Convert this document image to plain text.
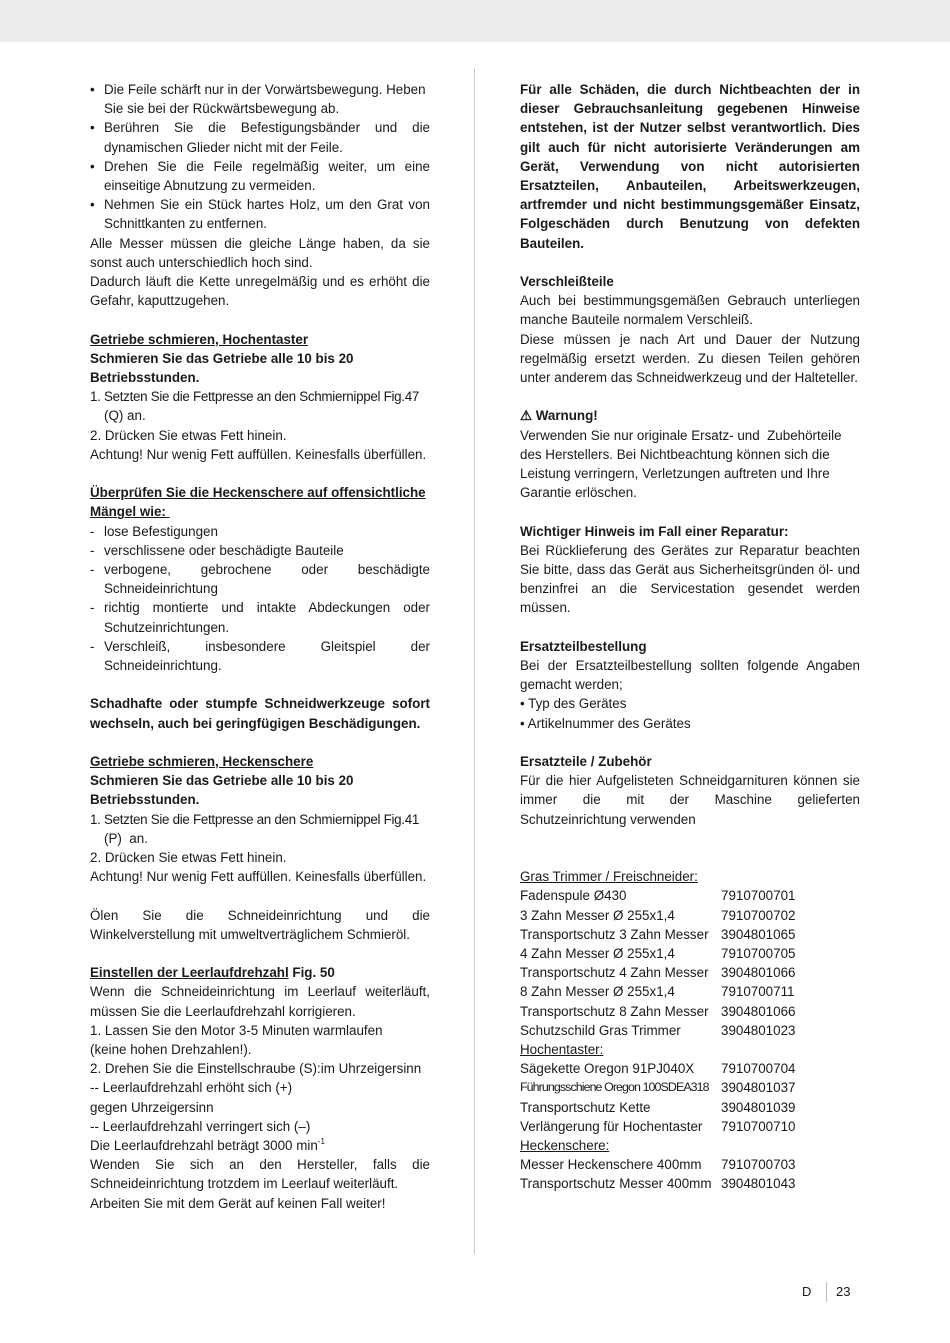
• Die Feile schärft nur in der Vorwärtsbewegung. Heben
Sie sie bei der Rückwärtsbewegung ab.
• Berühren Sie die Befestigungsbänder und die
dynamischen Glieder nicht mit der Feile.
• Drehen Sie die Feile regelmäßig weiter, um eine
einseitige Abnutzung zu vermeiden.
• Nehmen Sie ein Stück hartes Holz, um den Grat von
Schnittkanten zu entfernen.

Alle Messer müssen die gleiche Länge haben, da sie sonst auch unterschiedlich hoch sind.

Dadurch läuft die Kette unregelmäßig und es erhöht die Gefahr, kaputtzugehen.

Getriebe schmieren, Hochentaster
Schmieren Sie das Getriebe alle 10 bis 20
Betriebsstunden.
1. Setzten Sie die Fettpresse an den Schmiernippel Fig.47
(Q) an.
2. Drücken Sie etwas Fett hinein.
Achtung! Nur wenig Fett auffüllen. Keinesfalls überfüllen.
Überprüfen Sie die Heckenschere auf offensichtliche
Mängel wie:
- lose Befestigungen
- verschlissene oder beschädigte Bauteile
- verbogene, gebrochene oder beschädigte
Schneideinrichtung
- richtig montierte und intakte Abdeckungen oder
Schutzeinrichtungen.
- Verschleiß, insbesondere Gleitspiel der
Schneideinrichtung.

Schadhafte oder stumpfe Schneidwerkzeuge sofort wechseln, auch bei geringfügigen Beschädigungen.

Getriebe schmieren, Heckenschere
Schmieren Sie das Getriebe alle 10 bis 20
Betriebsstunden.
1. Setzten Sie die Fettpresse an den Schmiernippel Fig.41
(P)  an.
2. Drücken Sie etwas Fett hinein.
Achtung! Nur wenig Fett auffüllen. Keinesfalls überfüllen.

Ölen Sie die Schneideinrichtung und die Winkelverstellung mit umweltverträglichem Schmieröl.

Einstellen der Leerlaufdrehzahl Fig. 50

Wenn die Schneideinrichtung im Leerlauf weiterläuft, müssen Sie die Leerlaufdrehzahl korrigieren.

1. Lassen Sie den Motor 3-5 Minuten warmlaufen
(keine hohen Drehzahlen!).
2. Drehen Sie die Einstellschraube (S):im Uhrzeigersinn
-- Leerlaufdrehzahl erhöht sich (+)
gegen Uhrzeigersinn
-- Leerlaufdrehzahl verringert sich (–)
Die Leerlaufdrehzahl beträgt 3000 $\min^{-1}$

Wenden Sie sich an den Hersteller, falls die Schneideinrichtung trotzdem im Leerlauf weiterläuft.

Arbeiten Sie mit dem Gerät auf keinen Fall weiter!

Für alle Schäden, die durch Nichtbeachten der in dieser Gebrauchsanleitung gegebenen Hinweise entstehen, ist der Nutzer selbst verantwortlich. Dies gilt auch für nicht autorisierte Veränderungen am Gerät, Verwendung von nicht autorisierten Ersatzteilen, Anbauteilen, Arbeitswerkzeugen, artfremder und nicht bestimmungsgemäßer Einsatz, Folgeschäden durch Benutzung von defekten Bauteilen.

Verschleißteile

Auch bei bestimmungsgemäßen Gebrauch unterliegen manche Bauteile normalem Verschleiß.

Diese müssen je nach Art und Dauer der Nutzung regelmäßig ersetzt werden. Zu diesen Teilen gehören unter anderem das Schneidwerkzeug und der Halteteller.

⚠ Warnung!
Verwenden Sie nur originale Ersatz- und  Zubehörteile
des Herstellers. Bei Nichtbeachtung können sich die
Leistung verringern, Verletzungen auftreten und Ihre
Garantie erlöschen.
Wichtiger Hinweis im Fall einer Reparatur:

Bei Rücklieferung des Gerätes zur Reparatur beachten Sie bitte, dass das Gerät aus Sicherheitsgründen öl- und benzinfrei an die Servicestation gesendet werden müssen.

Ersatzteilbestellung

Bei der Ersatzteilbestellung sollten folgende Angaben gemacht werden;

• Typ des Gerätes
• Artikelnummer des Gerätes
Ersatzteile / Zubehör

Für die hier Aufgelisteten Schneidgarnituren können sie immer die mit der Maschine gelieferten Schutzeinrichtung verwenden

Gras Trimmer / Freischneider:	
Fadenspule Ø430	7910700701
3 Zahn Messer Ø 255x1,4	7910700702
Transportschutz 3 Zahn Messer	3904801065
4 Zahn Messer Ø 255x1,4	7910700705
Transportschutz 4 Zahn Messer	3904801066
8 Zahn Messer Ø 255x1,4	7910700711
Transportschutz 8 Zahn Messer	3904801066
Schutzschild Gras Trimmer	3904801023
Hochentaster:	
Sägekette Oregon 91PJ040X	7910700704
Führungsschiene Oregon 100SDEA318	3904801037
Transportschutz Kette	3904801039
Verlängerung für Hochentaster	7910700710
Heckenschere:	
Messer Heckenschere 400mm	7910700703
Transportschutz Messer 400mm	3904801043
D 23
